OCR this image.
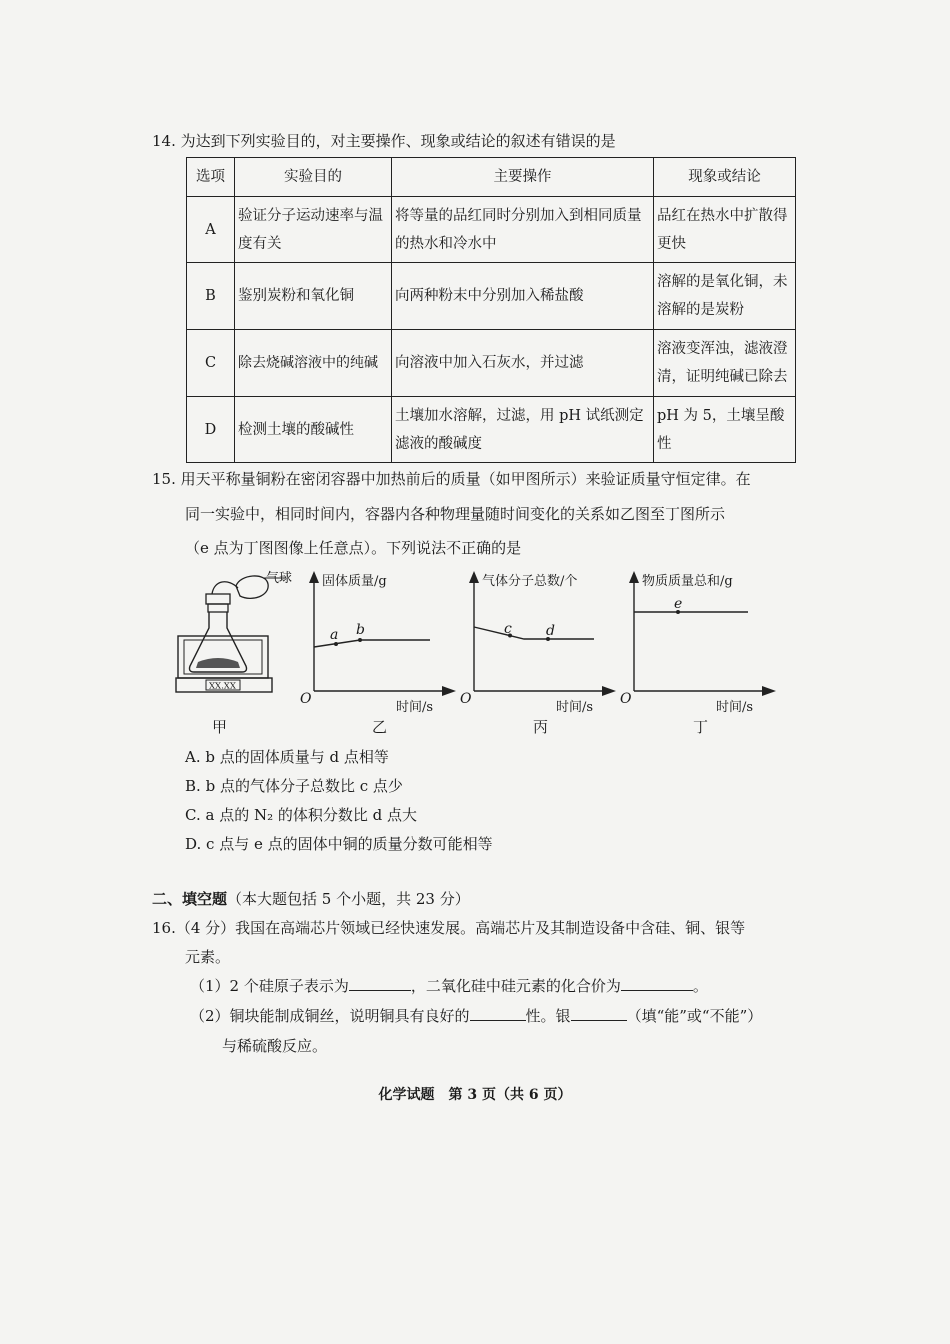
14. 为达到下列实验目的，对主要操作、现象或结论的叙述有错误的是
选项	实验目的	主要操作	现象或结论
A	验证分子运动速率与温度有关	将等量的品红同时分别加入到相同质量的热水和冷水中	品红在热水中扩散得更快
B	鉴别炭粉和氧化铜	向两种粉末中分别加入稀盐酸	溶解的是氧化铜，未溶解的是炭粉
C	除去烧碱溶液中的纯碱	向溶液中加入石灰水，并过滤	溶液变浑浊，滤液澄清，证明纯碱已除去
D	检测土壤的酸碱性	土壤加水溶解，过滤，用 pH 试纸测定滤液的酸碱度	pH 为 5，土壤呈酸性
15. 用天平称量铜粉在密闭容器中加热前后的质量（如甲图所示）来验证质量守恒定律。在
同一实验中，相同时间内，容器内各种物理量随时间变化的关系如乙图至丁图所示
（e 点为丁图图像上任意点）。下列说法不正确的是
气球
XX.XX
固体质量/g
时间/s
O
a b
乙
气体分子总数/个
时间/s
O
c d
丙
物质质量总和/g
时间/s
O
e
丁
甲
A. b 点的固体质量与 d 点相等
B. b 点的气体分子总数比 c 点少
C. a 点的 N₂ 的体积分数比 d 点大
D. c 点与 e 点的固体中铜的质量分数可能相等
二、填空题（本大题包括 5 个小题，共 23 分）
16.（4 分）我国在高端芯片领域已经快速发展。高端芯片及其制造设备中含硅、铜、银等
元素。
（1）2 个硅原子表示为	，二氧化硅中硅元素的化合价为	。
（2）铜块能制成铜丝，说明铜具有良好的	性。银	（填“能”或“不能”）
与稀硫酸反应。
化学试题　第 3 页（共 6 页）
